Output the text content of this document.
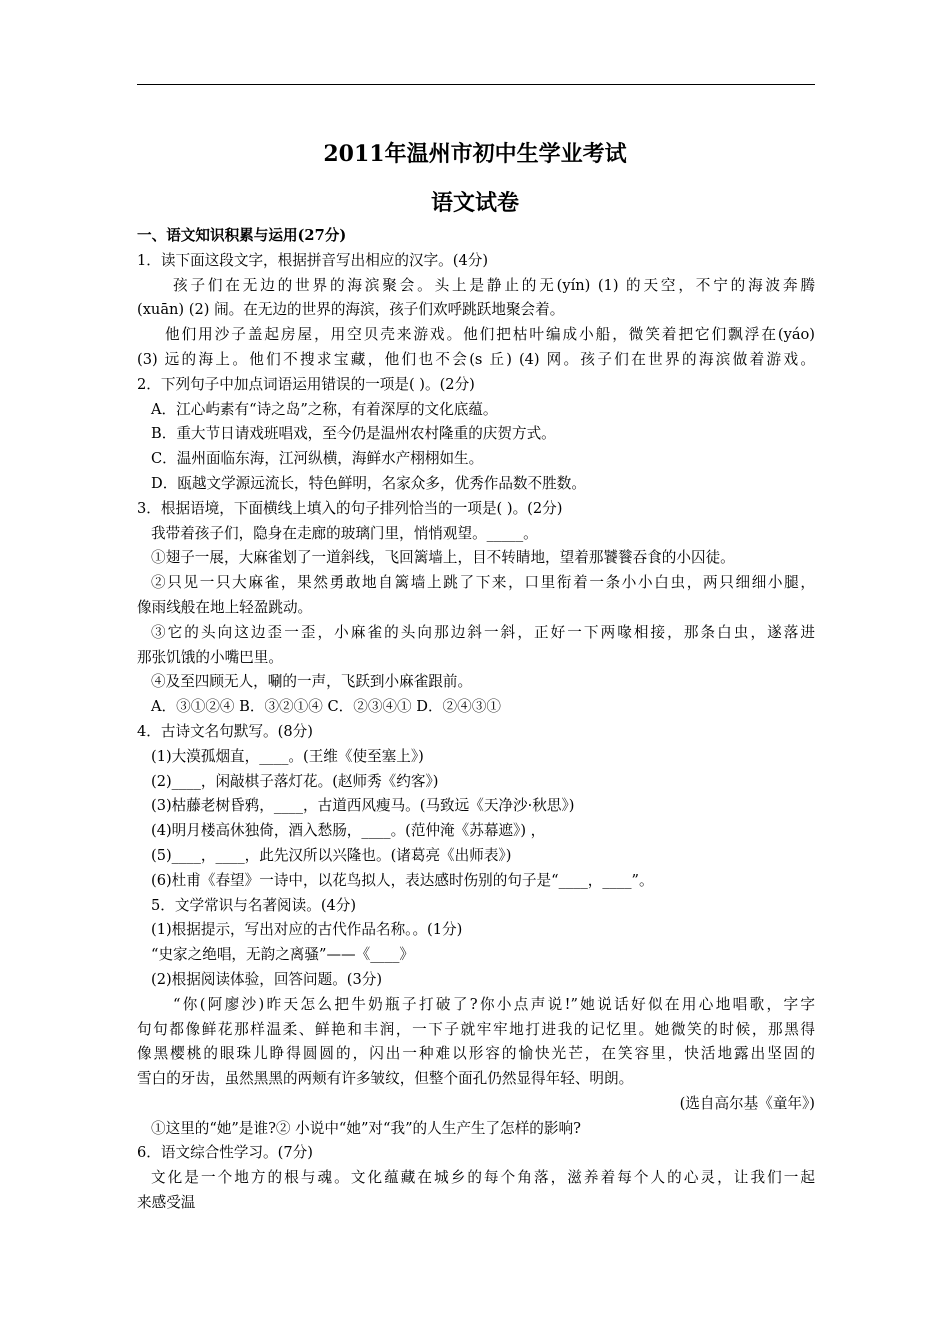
2011年温州市初中生学业考试
语文试卷
一、语文知识积累与运用(27分)
1．读下面这段文字，根据拼音写出相应的汉字。(4分)
孩子们在无边的世界的海滨聚会。头上是静止的无(yín) (1) 的天空，不宁的海波奔腾
(xuān) (2) 闹。在无边的世界的海滨，孩子们欢呼跳跃地聚会着。
他们用沙子盖起房屋，用空贝壳来游戏。他们把枯叶编成小船，微笑着把它们飘浮在(yáo)
(3) 远的海上。他们不搜求宝藏，他们也不会(s 丘) (4) 网。孩子们在世界的海滨做着游戏。
2．下列句子中加点词语运用错误的一项是( )。(2分)
A．江心屿素有“诗之岛”之称，有着深厚的文化底蕴。
B．重大节日请戏班唱戏，至今仍是温州农村隆重的庆贺方式。
C．温州面临东海，江河纵横，海鲜水产栩栩如生。
D．瓯越文学源远流长，特色鲜明，名家众多，优秀作品数不胜数。
3．根据语境，下面横线上填入的句子排列恰当的一项是( )。(2分)
我带着孩子们，隐身在走廊的玻璃门里，悄悄观望。_____。
①翅子一展，大麻雀划了一道斜线，飞回篱墙上，目不转睛地，望着那饕餮吞食的小囚徒。
②只见一只大麻雀，果然勇敢地自篱墙上跳了下来，口里衔着一条小小白虫，两只细细小腿，
像雨线般在地上轻盈跳动。
③它的头向这边歪一歪，小麻雀的头向那边斜一斜，正好一下两喙相接，那条白虫，遂落进
那张饥饿的小嘴巴里。
④及至四顾无人，唰的一声，飞跃到小麻雀跟前。
A．③①②④ B．③②①④ C．②③④① D．②④③①
4．古诗文名句默写。(8分)
(1)大漠孤烟直，____。(王维《使至塞上》)
(2)____，闲敲棋子落灯花。(赵师秀《约客》)
(3)枯藤老树昏鸦，____，古道西风瘦马。(马致远《天净沙·秋思》)
(4)明月楼高休独倚，酒入愁肠，____。(范仲淹《苏幕遮》) ，
(5)____，____，此先汉所以兴隆也。(诸葛亮《出师表》)
(6)杜甫《春望》一诗中，以花鸟拟人，表达感时伤别的句子是“____，____”。
5．文学常识与名著阅读。(4分)
(1)根据提示，写出对应的古代作品名称。。(1分)
“史家之绝唱，无韵之离骚”——《____》
(2)根据阅读体验，回答问题。(3分)
“你(阿廖沙)昨天怎么把牛奶瓶子打破了?你小点声说!”她说话好似在用心地唱歌，字字
句句都像鲜花那样温柔、鲜艳和丰润，一下子就牢牢地打进我的记忆里。她微笑的时候，那黑得
像黑樱桃的眼珠儿睁得圆圆的，闪出一种难以形容的愉快光芒，在笑容里，快活地露出坚固的
雪白的牙齿，虽然黑黑的两颊有许多皱纹，但整个面孔仍然显得年轻、明朗。
(选自高尔基《童年》)
①这里的“她”是谁?② 小说中“她”对“我”的人生产生了怎样的影响?
6．语文综合性学习。(7分)
文化是一个地方的根与魂。文化蕴藏在城乡的每个角落，滋养着每个人的心灵，让我们一起
来感受温
